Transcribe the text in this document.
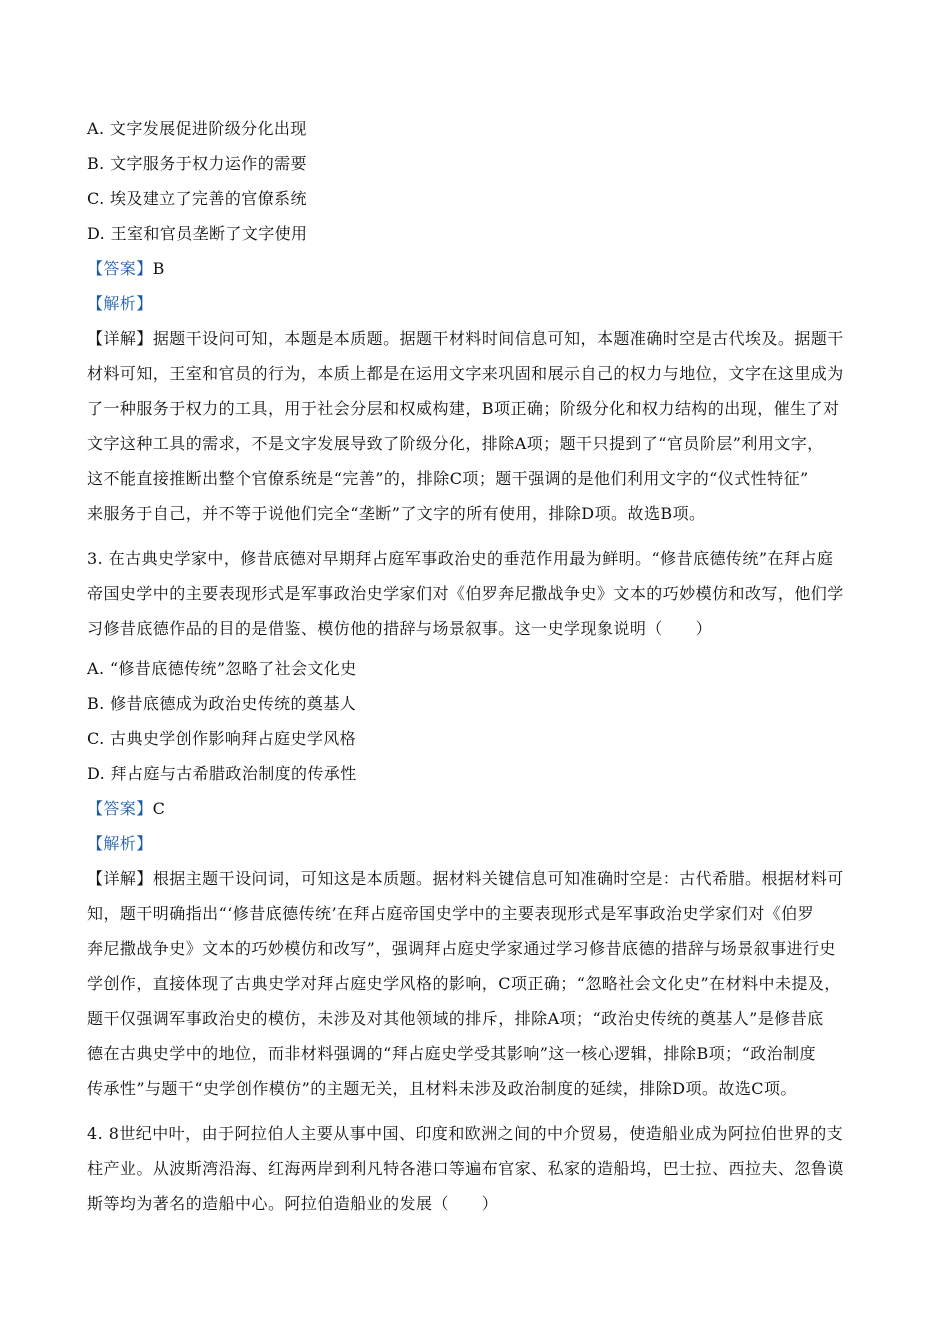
A. 文字发展促进阶级分化出现
B. 文字服务于权力运作的需要
C. 埃及建立了完善的官僚系统
D. 王室和官员垄断了文字使用
【答案】B
【解析】
【详解】据题干设问可知，本题是本质题。据题干材料时间信息可知，本题准确时空是古代埃及。据题干
材料可知，王室和官员的行为，本质上都是在运用文字来巩固和展示自己的权力与地位，文字在这里成为
了一种服务于权力的工具，用于社会分层和权威构建，B项正确；阶级分化和权力结构的出现，催生了对
文字这种工具的需求，不是文字发展导致了阶级分化，排除A项；题干只提到了“官员阶层”利用文字，
这不能直接推断出整个官僚系统是“完善”的，排除C项；题干强调的是他们利用文字的“仪式性特征”
来服务于自己，并不等于说他们完全“垄断”了文字的所有使用，排除D项。故选B项。
3. 在古典史学家中，修昔底德对早期拜占庭军事政治史的垂范作用最为鲜明。“修昔底德传统”在拜占庭
帝国史学中的主要表现形式是军事政治史学家们对《伯罗奔尼撒战争史》文本的巧妙模仿和改写，他们学
习修昔底德作品的目的是借鉴、模仿他的措辞与场景叙事。这一史学现象说明（　　）
A. “修昔底德传统”忽略了社会文化史
B. 修昔底德成为政治史传统的奠基人
C. 古典史学创作影响拜占庭史学风格
D. 拜占庭与古希腊政治制度的传承性
【答案】C
【解析】
【详解】根据主题干设问词，可知这是本质题。据材料关键信息可知准确时空是：古代希腊。根据材料可
知，题干明确指出“‘修昔底德传统’在拜占庭帝国史学中的主要表现形式是军事政治史学家们对《伯罗
奔尼撒战争史》文本的巧妙模仿和改写”，强调拜占庭史学家通过学习修昔底德的措辞与场景叙事进行史
学创作，直接体现了古典史学对拜占庭史学风格的影响，C项正确；“忽略社会文化史”在材料中未提及，
题干仅强调军事政治史的模仿，未涉及对其他领域的排斥，排除A项；“政治史传统的奠基人”是修昔底
德在古典史学中的地位，而非材料强调的“拜占庭史学受其影响”这一核心逻辑，排除B项；“政治制度
传承性”与题干“史学创作模仿”的主题无关，且材料未涉及政治制度的延续，排除D项。故选C项。
4. 8世纪中叶，由于阿拉伯人主要从事中国、印度和欧洲之间的中介贸易，使造船业成为阿拉伯世界的支
柱产业。从波斯湾沿海、红海两岸到利凡特各港口等遍布官家、私家的造船坞，巴士拉、西拉夫、忽鲁谟
斯等均为著名的造船中心。阿拉伯造船业的发展（　　）
